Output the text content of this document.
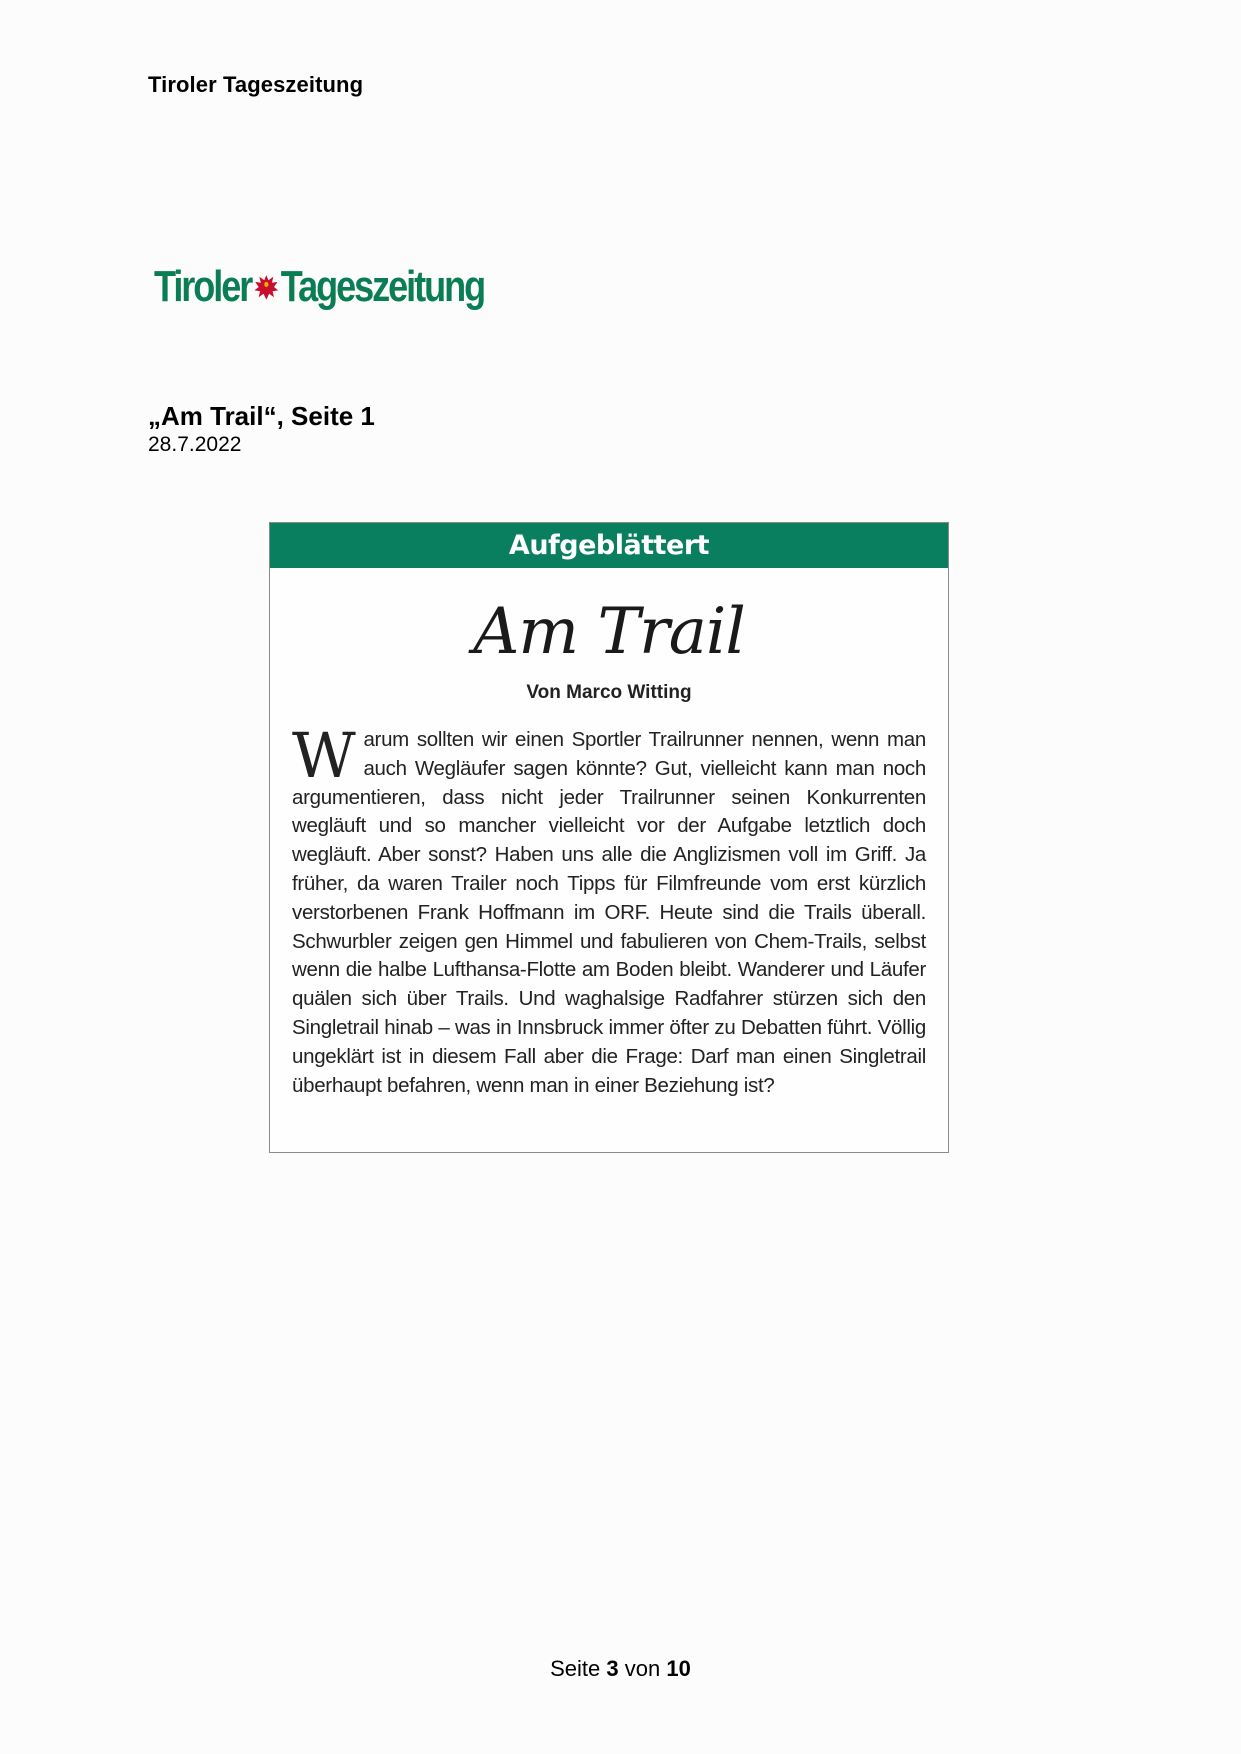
Tiroler Tageszeitung
Tiroler Tageszeitung
„Am Trail“, Seite 1
28.7.2022
Aufgeblättert
Am Trail
Von Marco Witting
Warum sollten wir einen Sportler Trailrunner nennen, wenn man auch Wegläufer sagen könnte? Gut, vielleicht kann man noch argumentieren, dass nicht jeder Trailrunner seinen Konkurrenten wegläuft und so mancher vielleicht vor der Aufgabe letztlich doch wegläuft. Aber sonst? Haben uns alle die Anglizismen voll im Griff. Ja früher, da waren Trailer noch Tipps für Filmfreunde vom erst kürzlich verstorbenen Frank Hoffmann im ORF. Heute sind die Trails überall. Schwurbler zeigen gen Himmel und fabulieren von Chem-Trails, selbst wenn die halbe Lufthansa-Flotte am Boden bleibt. Wanderer und Läufer quälen sich über Trails. Und waghalsige Radfahrer stürzen sich den Singletrail hinab – was in Innsbruck immer öfter zu Debatten führt. Völlig ungeklärt ist in diesem Fall aber die Frage: Darf man einen Singletrail überhaupt befahren, wenn man in einer Beziehung ist?
Seite 3 von 10
